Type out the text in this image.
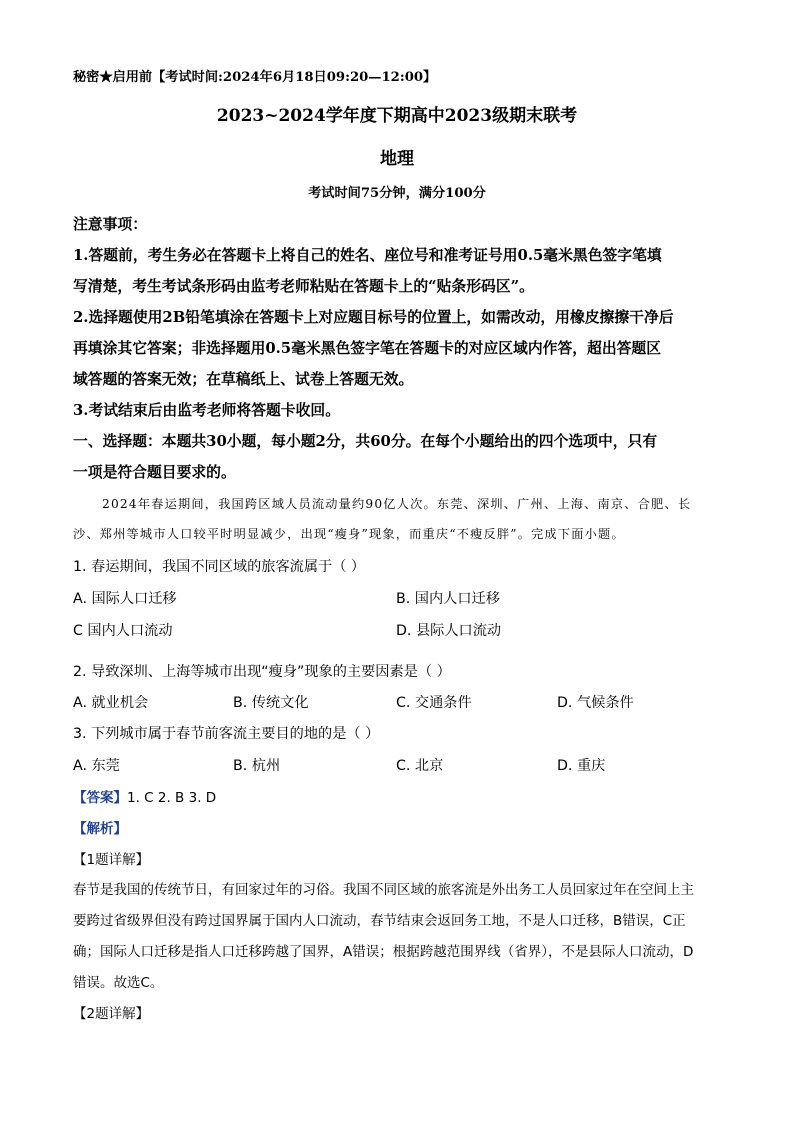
秘密★启用前【考试时间:2024年6月18日09:20—12:00】
2023~2024学年度下期高中2023级期末联考
地理
考试时间75分钟，满分100分
注意事项：
1.答题前，考生务必在答题卡上将自己的姓名、座位号和准考证号用0.5毫米黑色签字笔填
写清楚，考生考试条形码由监考老师粘贴在答题卡上的“贴条形码区”。
2.选择题使用2B铅笔填涂在答题卡上对应题目标号的位置上，如需改动，用橡皮擦擦干净后
再填涂其它答案；非选择题用0.5毫米黑色签字笔在答题卡的对应区域内作答，超出答题区
域答题的答案无效；在草稿纸上、试卷上答题无效。
3.考试结束后由监考老师将答题卡收回。
一、选择题：本题共30小题，每小题2分，共60分。在每个小题给出的四个选项中，只有
一项是符合题目要求的。
2024年春运期间，我国跨区域人员流动量约90亿人次。东莞、深圳、广州、上海、南京、合肥、长
沙、郑州等城市人口较平时明显减少，出现“瘦身”现象，而重庆“不瘦反胖”。完成下面小题。
1. 春运期间，我国不同区域的旅客流属于（ ）
A. 国际人口迁移	B. 国内人口迁移
C 国内人口流动	D. 县际人口流动
2. 导致深圳、上海等城市出现“瘦身”现象的主要因素是（ ）
A. 就业机会	B. 传统文化	C. 交通条件	D. 气候条件
3. 下列城市属于春节前客流主要目的地的是（ ）
A. 东莞	B. 杭州	C. 北京	D. 重庆
【答案】1. C 2. B 3. D
【解析】
【1题详解】
春节是我国的传统节日，有回家过年的习俗。我国不同区域的旅客流是外出务工人员回家过年在空间上主
要跨过省级界但没有跨过国界属于国内人口流动，春节结束会返回务工地，不是人口迁移，B错误，C正
确；国际人口迁移是指人口迁移跨越了国界，A错误；根据跨越范围界线（省界），不是县际人口流动，D
错误。故选C。
【2题详解】
